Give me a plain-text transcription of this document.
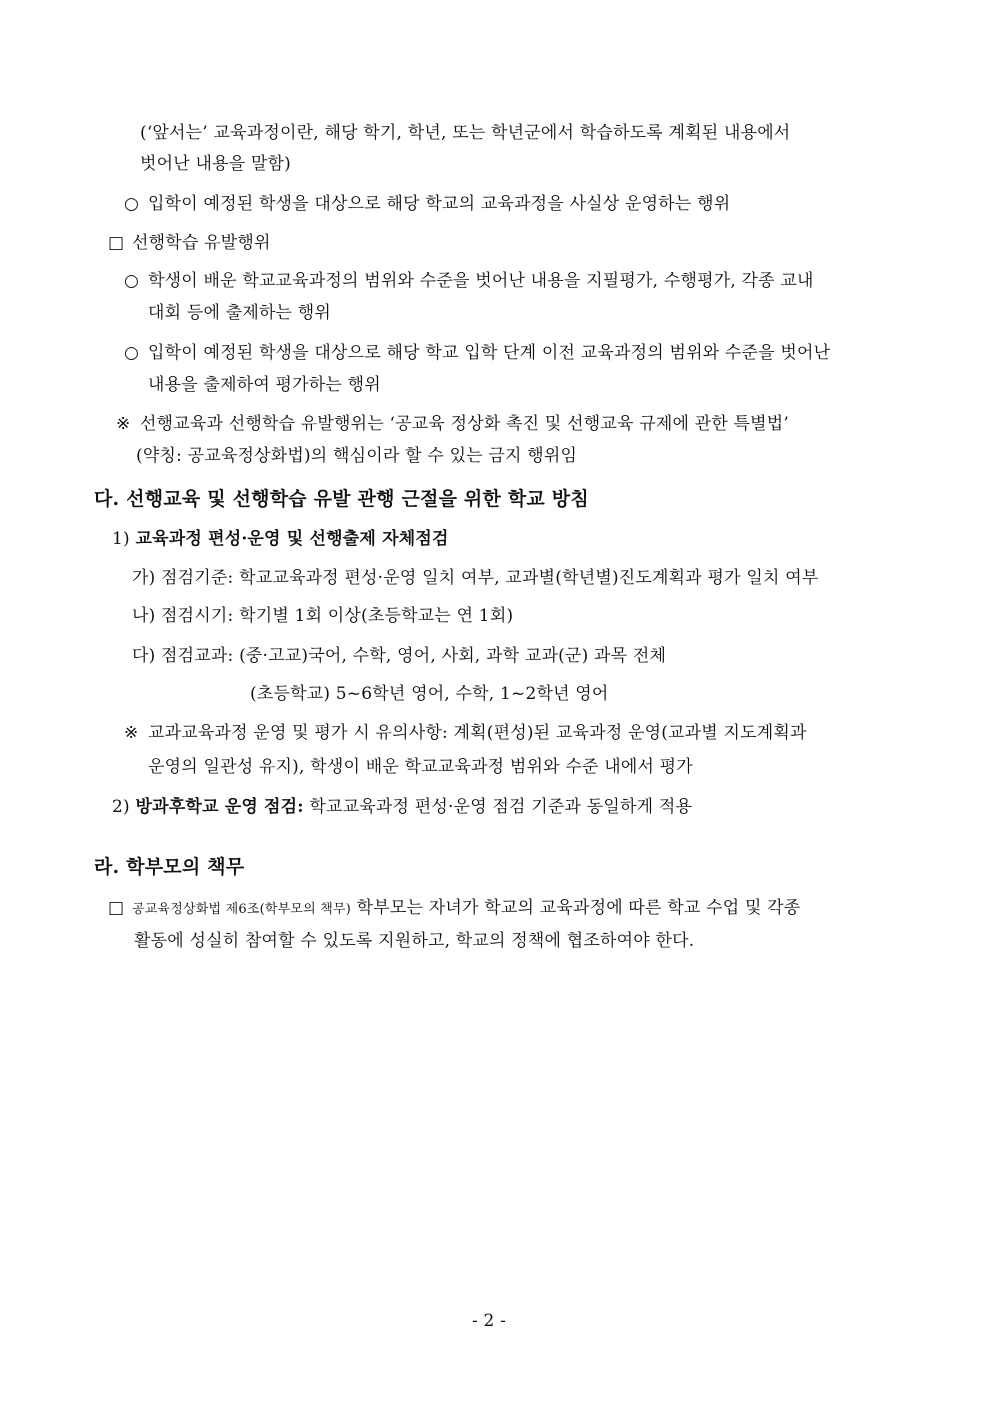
(‘앞서는’ 교육과정이란, 해당 학기, 학년, 또는 학년군에서 학습하도록 계획된 내용에서
벗어난 내용을 말함)
○ 입학이 예정된 학생을 대상으로 해당 학교의 교육과정을 사실상 운영하는 행위
□ 선행학습 유발행위
○ 학생이 배운 학교교육과정의 범위와 수준을 벗어난 내용을 지필평가, 수행평가, 각종 교내
대회 등에 출제하는 행위
○ 입학이 예정된 학생을 대상으로 해당 학교 입학 단계 이전 교육과정의 범위와 수준을 벗어난
내용을 출제하여 평가하는 행위
※ 선행교육과 선행학습 유발행위는 ‘공교육 정상화 촉진 및 선행교육 규제에 관한 특별법’
(약칭: 공교육정상화법)의 핵심이라 할 수 있는 금지 행위임
다. 선행교육 및 선행학습 유발 관행 근절을 위한 학교 방침
1) 교육과정 편성·운영 및 선행출제 자체점검
가) 점검기준: 학교교육과정 편성·운영 일치 여부, 교과별(학년별)진도계획과 평가 일치 여부
나) 점검시기: 학기별 1회 이상(초등학교는 연 1회)
다) 점검교과: (중·고교)국어, 수학, 영어, 사회, 과학 교과(군) 과목 전체
(초등학교) 5~6학년 영어, 수학, 1~2학년 영어
※ 교과교육과정 운영 및 평가 시 유의사항: 계획(편성)된 교육과정 운영(교과별 지도계획과
운영의 일관성 유지), 학생이 배운 학교교육과정 범위와 수준 내에서 평가
2) 방과후학교 운영 점검: 학교교육과정 편성·운영 점검 기준과 동일하게 적용
라. 학부모의 책무
□ 공교육정상화법 제6조(학부모의 책무) 학부모는 자녀가 학교의 교육과정에 따른 학교 수업 및 각종
활동에 성실히 참여할 수 있도록 지원하고, 학교의 정책에 협조하여야 한다.
- 2 -
